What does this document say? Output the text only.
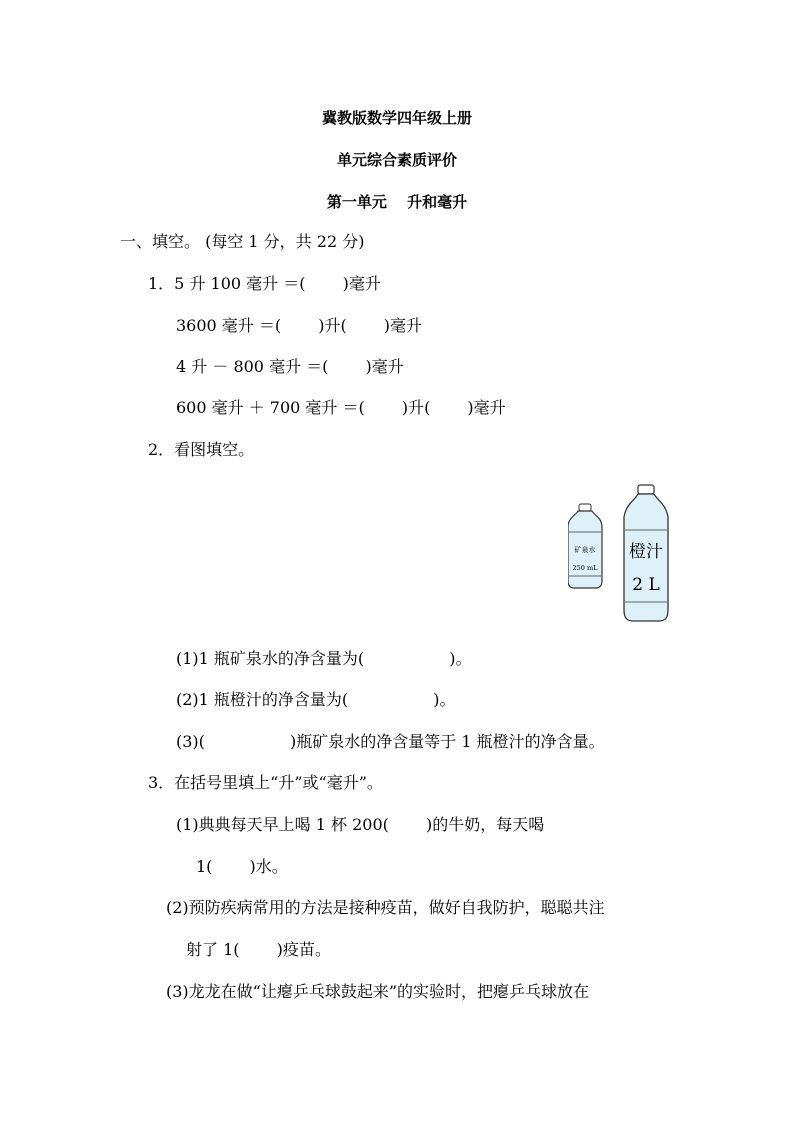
冀教版数学四年级上册
单元综合素质评价
第一单元　 升和毫升
一、填空。 (每空 1 分，共 22 分)
1．5 升 100 毫升 ＝(　　 )毫升
3600 毫升 ＝(　　 )升(　　 )毫升
4 升 － 800 毫升 ＝(　　 )毫升
600 毫升 ＋ 700 毫升 ＝(　　 )升(　　 )毫升
2．看图填空。
矿泉水
250 mL
橙汁
2 L
(1)1 瓶矿泉水的净含量为(　　　　　 )。
(2)1 瓶橙汁的净含量为(　　　　　 )。
(3)(　　　　　 )瓶矿泉水的净含量等于 1 瓶橙汁的净含量。
3．在括号里填上“升”或“毫升”。
(1)典典每天早上喝 1 杯 200(　　 )的牛奶，每天喝
1(　　 )水。
(2)预防疾病常用的方法是接种疫苗，做好自我防护，聪聪共注
射了 1(　　 )疫苗。
(3)龙龙在做“让瘪乒乓球鼓起来”的实验时，把瘪乒乓球放在
